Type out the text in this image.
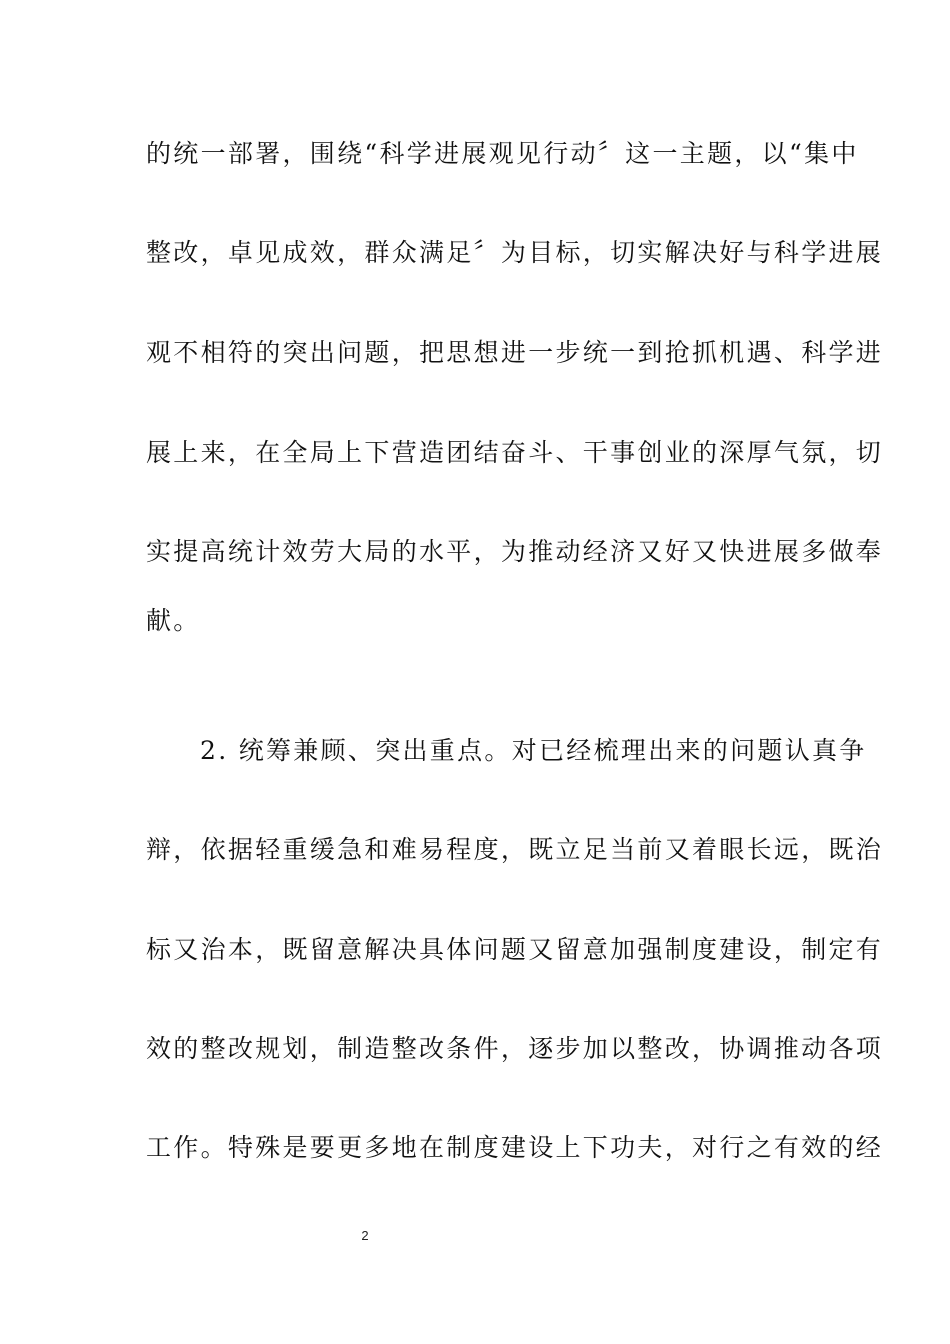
的统一部署，围绕“科学进展观见行动〞这一主题，以“集中
整改，卓见成效，群众满足〞为目标，切实解决好与科学进展
观不相符的突出问题，把思想进一步统一到抢抓机遇、科学进
展上来，在全局上下营造团结奋斗、干事创业的深厚气氛，切
实提高统计效劳大局的水平，为推动经济又好又快进展多做奉
献。
2. 统筹兼顾、突出重点。对已经梳理出来的问题认真争
辩，依据轻重缓急和难易程度，既立足当前又着眼长远，既治
标又治本，既留意解决具体问题又留意加强制度建设，制定有
效的整改规划，制造整改条件，逐步加以整改，协调推动各项
工作。特殊是要更多地在制度建设上下功夫，对行之有效的经
2
